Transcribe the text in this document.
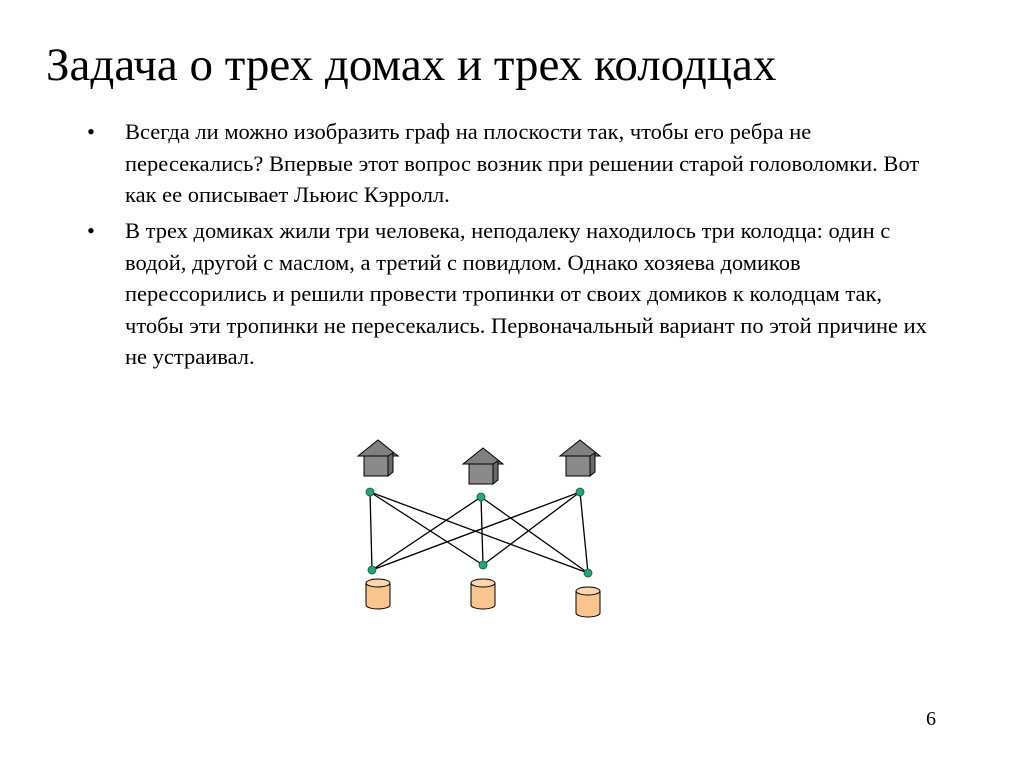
Задача о трех домах и трех колодцах
• Всегда ли можно изобразить граф на плоскости так, чтобы его ребра не пересекались? Впервые этот вопрос возник при решении старой головоломки. Вот как ее описывает Льюис Кэрролл.
• В трех домиках жили три человека, неподалеку находилось три колодца: один с водой, другой с маслом, а третий с повидлом. Однако хозяева домиков перессорились и решили провести тропинки от своих домиков к колодцам так, чтобы эти тропинки не пересекались. Первоначальный вариант по этой причине их не устраивал.
6
